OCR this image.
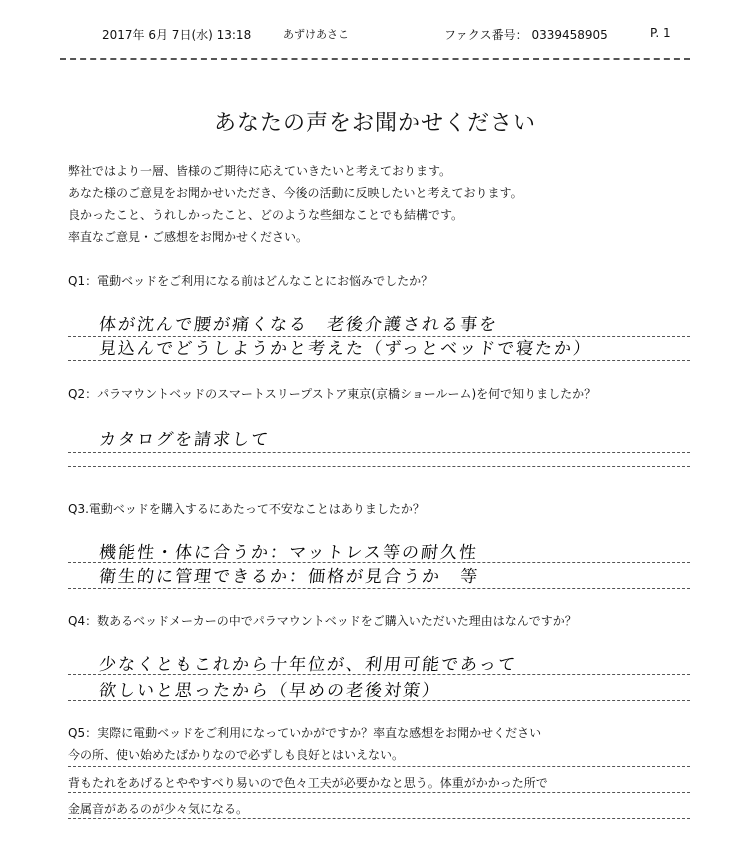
2017年 6月 7日(水) 13:18	あずけあさこ	ファクス番号： 0339458905	P. 1
あなたの声をお聞かせください

弊社ではより一層、皆様のご期待に応えていきたいと考えております。

あなた様のご意見をお聞かせいただき、今後の活動に反映したいと考えております。

良かったこと、うれしかったこと、どのような些細なことでも結構です。

率直なご意見・ご感想をお聞かせください。

Q1：電動ベッドをご利用になる前はどんなことにお悩みでしたか？
体が沈んで腰が痛くなる　老後介護される事を
見込んでどうしようかと考えた（ずっとベッドで寝たか）
Q2：パラマウントベッドのスマートスリープストア東京(京橋ショールーム)を何で知りましたか？
カタログを請求して
Q3.電動ベッドを購入するにあたって不安なことはありましたか？
機能性・体に合うか：マットレス等の耐久性
衛生的に管理できるか：価格が見合うか　等
Q4：数あるベッドメーカーの中でパラマウントベッドをご購入いただいた理由はなんですか？
少なくともこれから十年位が、利用可能であって
欲しいと思ったから（早めの老後対策）
Q5：実際に電動ベッドをご利用になっていかがですか？率直な感想をお聞かせください
今の所、使い始めたばかりなので必ずしも良好とはいえない。
背もたれをあげるとややすべり易いので色々工夫が必要かなと思う。体重がかかった所で
金属音があるのが少々気になる。
